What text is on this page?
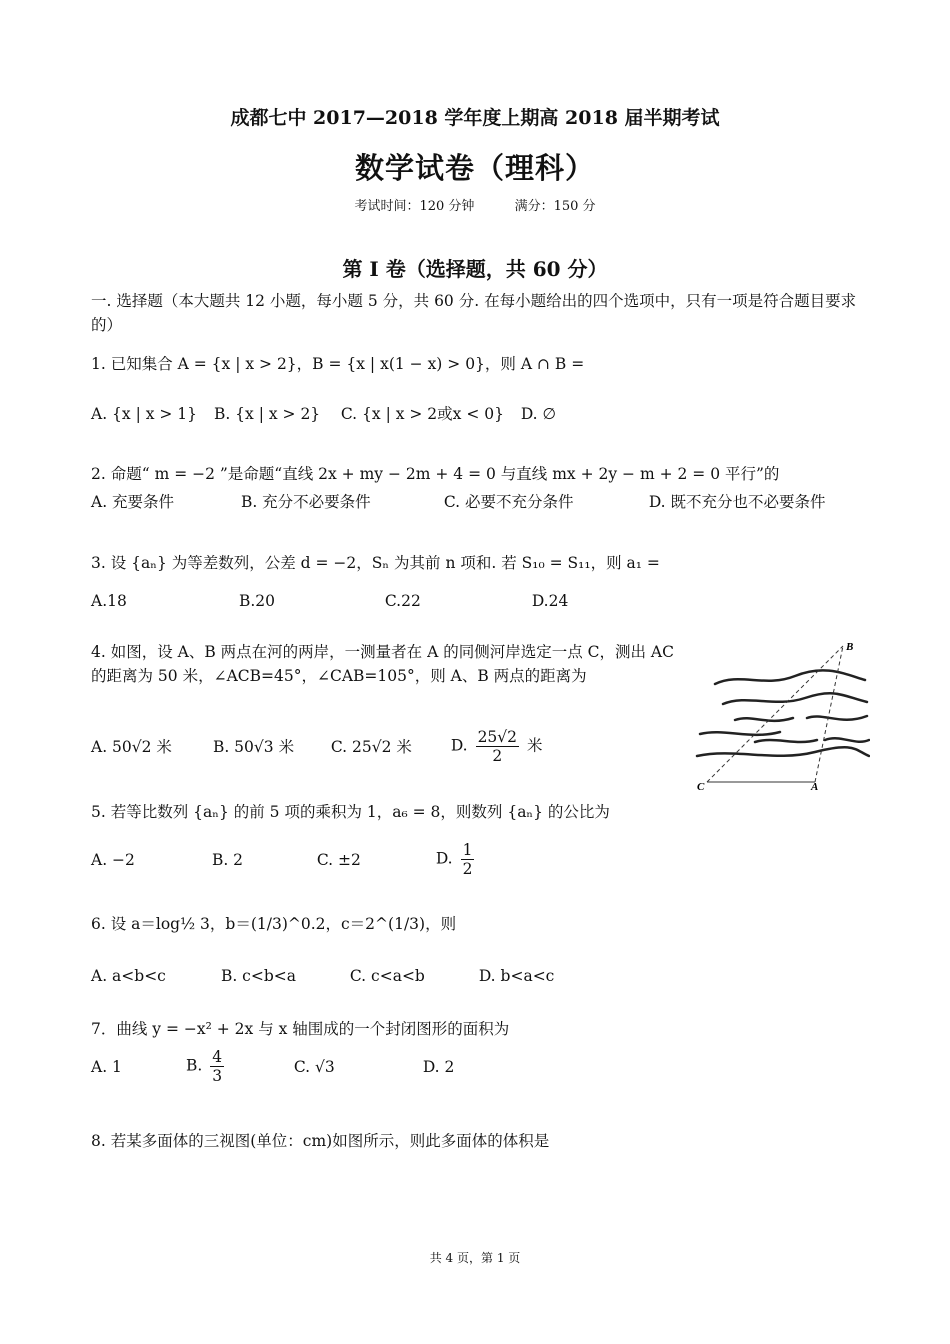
成都七中 2017—2018 学年度上期高 2018 届半期考试
数学试卷（理科）
考试时间：120 分钟	满分：150 分
第 I 卷（选择题，共 60 分）
一. 选择题（本大题共 12 小题，每小题 5 分，共 60 分. 在每小题给出的四个选项中，只有一项是符合题目要求的）
1. 已知集合 A = {x | x > 2}，B = {x | x(1 − x) > 0}，则 A ∩ B =
A. {x | x > 1} B. {x | x > 2} C. {x | x > 2或x < 0} D. ∅
2. 命题“ m = −2 ”是命题“直线 2x + my − 2m + 4 = 0 与直线 mx + 2y − m + 2 = 0 平行”的
A. 充要条件	B. 充分不必要条件	C. 必要不充分条件	D. 既不充分也不必要条件
3. 设 {aₙ} 为等差数列，公差 d = −2，Sₙ 为其前 n 项和. 若 S₁₀ = S₁₁，则 a₁ =
A.18	B.20	C.22	D.24
4. 如图，设 A、B 两点在河的两岸，一测量者在 A 的同侧河岸选定一点 C，测出 AC 的距离为 50 米，∠ACB=45°，∠CAB=105°，则 A、B 两点的距离为
A. 50√2 米	B. 50√3 米 C. 25√2 米	D. $\frac{25√2}{2}$ 米
B
C	A
5. 若等比数列 {aₙ} 的前 5 项的乘积为 1，a₆ = 8，则数列 {aₙ} 的公比为
A. −2	B. 2	C. ±2	D. $\frac{1}{2}$
6. 设 a＝log½ 3，b＝(1/3)^0.2，c＝2^(1/3)，则
A. a<b<c	B. c<b<a	C. c<a<b	D. b<a<c
7．曲线 y = −x² + 2x 与 x 轴围成的一个封闭图形的面积为
A. 1	B. $\frac{4}{3}$	C. √3	D. 2
8. 若某多面体的三视图(单位：cm)如图所示，则此多面体的体积是
共 4 页，第 1 页
